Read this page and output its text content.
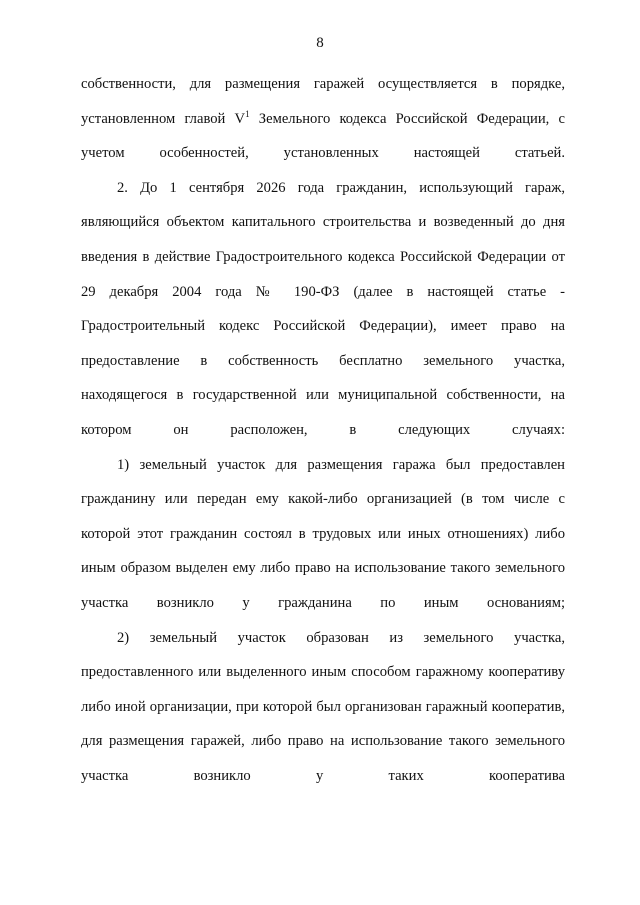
8

собственности, для размещения гаражей осуществляется в порядке, установленном главой $V^1$ Земельного кодекса Российской Федерации, с учетом особенностей, установленных настоящей статьей.

2. До 1 сентября 2026 года гражданин, использующий гараж, являющийся объектом капитального строительства и возведенный до дня введения в действие Градостроительного кодекса Российской Федерации от 29 декабря 2004 года № 190-ФЗ (далее в настоящей статье - Градостроительный кодекс Российской Федерации), имеет право на предоставление в собственность бесплатно земельного участка, находящегося в государственной или муниципальной собственности, на котором он расположен, в следующих случаях:

1) земельный участок для размещения гаража был предоставлен гражданину или передан ему какой-либо организацией (в том числе с которой этот гражданин состоял в трудовых или иных отношениях) либо иным образом выделен ему либо право на использование такого земельного участка возникло у гражданина по иным основаниям;

2) земельный участок образован из земельного участка, предоставленного или выделенного иным способом гаражному кооперативу либо иной организации, при которой был организован гаражный кооператив, для размещения гаражей, либо право на использование такого земельного участка возникло у таких кооператива
